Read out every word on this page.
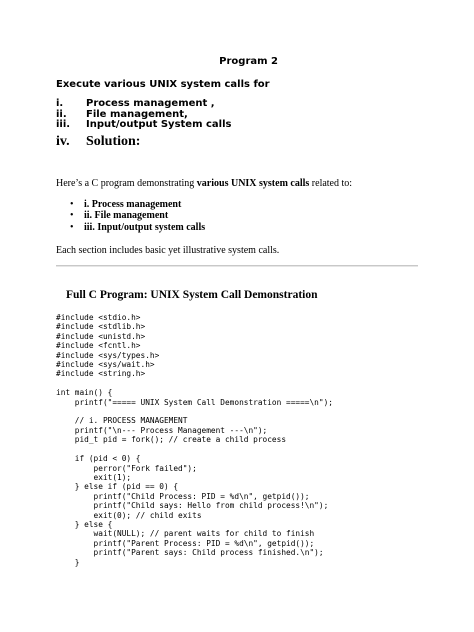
Program 2
Execute various UNIX system calls for
i.	Process management ,
ii.	File management,
iii.	Input/output System calls
iv.	Solution:
Here’s a C program demonstrating various UNIX system calls related to:
• i. Process management
• ii. File management
• iii. Input/output system calls
Each section includes basic yet illustrative system calls.
Full C Program: UNIX System Call Demonstration
#include <stdio.h>
#include <stdlib.h>
#include <unistd.h>
#include <fcntl.h>
#include <sys/types.h>
#include <sys/wait.h>
#include <string.h>

int main() {
printf("===== UNIX System Call Demonstration =====\n");

// i. PROCESS MANAGEMENT
printf("\n--- Process Management ---\n");
pid_t pid = fork(); // create a child process

if (pid < 0) {
perror("Fork failed");
exit(1);
} else if (pid == 0) {
printf("Child Process: PID = %d\n", getpid());
printf("Child says: Hello from child process!\n");
exit(0); // child exits
} else {
wait(NULL); // parent waits for child to finish
printf("Parent Process: PID = %d\n", getpid());
printf("Parent says: Child process finished.\n");
}
